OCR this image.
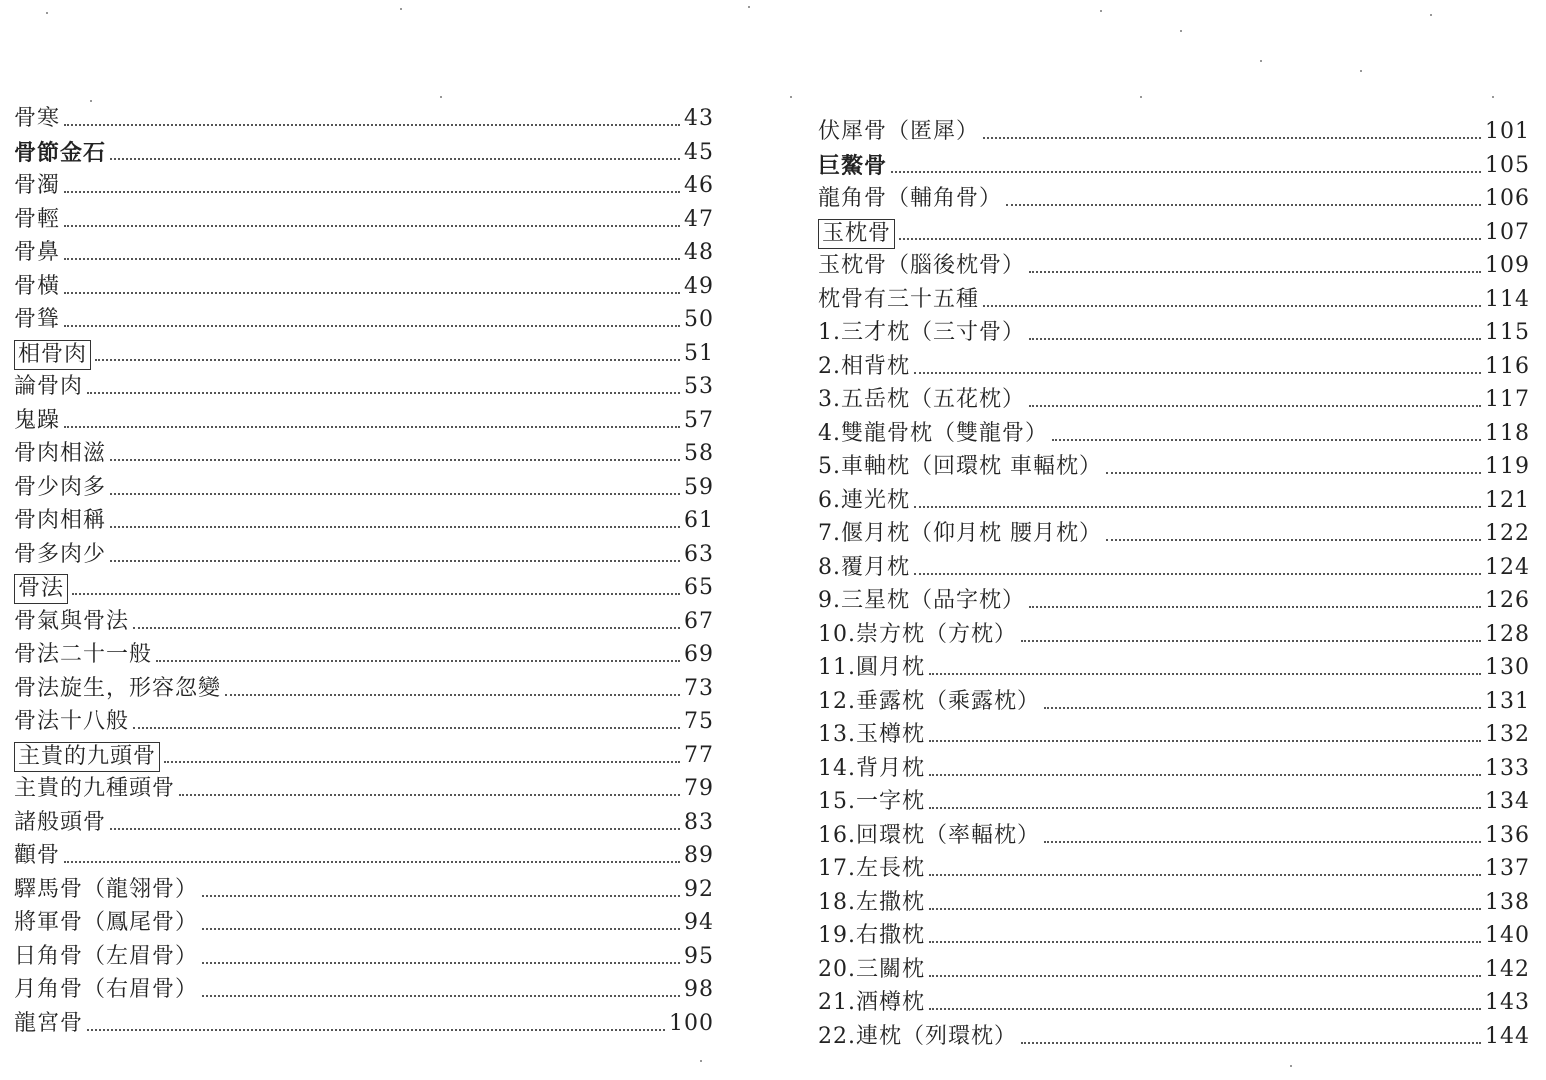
骨寒	43
骨節金石	45
骨濁	46
骨輕	47
骨鼻	48
骨橫	49
骨聳	50
相骨肉	51
論骨肉	53
鬼躁	57
骨肉相滋	58
骨少肉多	59
骨肉相稱	61
骨多肉少	63
骨法	65
骨氣與骨法	67
骨法二十一般	69
骨法旋生，形容忽變	73
骨法十八般	75
主貴的九頭骨	77
主貴的九種頭骨	79
諸般頭骨	83
顴骨	89
驛馬骨（龍翎骨）	92
將軍骨（鳳尾骨）	94
日角骨（左眉骨）	95
月角骨（右眉骨）	98
龍宮骨	100
伏犀骨（匿犀）	101
巨鰲骨	105
龍角骨（輔角骨）	106
玉枕骨	107
玉枕骨（腦後枕骨）	109
枕骨有三十五種	114
1.三才枕（三寸骨）	115
2.相背枕	116
3.五岳枕（五花枕）	117
4.雙龍骨枕（雙龍骨）	118
5.車軸枕（回環枕 車輻枕）	119
6.連光枕	121
7.偃月枕（仰月枕 腰月枕）	122
8.覆月枕	124
9.三星枕（品字枕）	126
10.崇方枕（方枕）	128
11.圓月枕	130
12.垂露枕（乘露枕）	131
13.玉樽枕	132
14.背月枕	133
15.一字枕	134
16.回環枕（率輻枕）	136
17.左長枕	137
18.左撒枕	138
19.右撒枕	140
20.三關枕	142
21.酒樽枕	143
22.連枕（列環枕）	144
